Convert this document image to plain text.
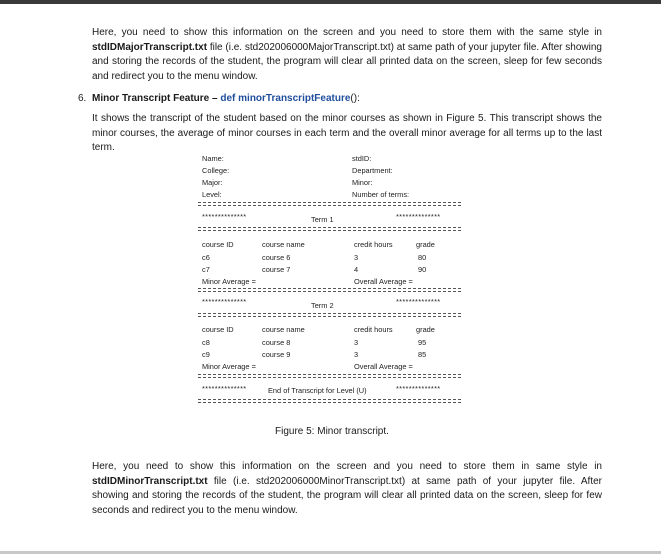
Here, you need to show this information on the screen and you need to store them with the same style in stdIDMajorTranscript.txt file (i.e. std202006000MajorTranscript.txt) at same path of your jupyter file. After showing and storing the records of the student, the program will clear all printed data on the screen, sleep for few seconds and redirect you to the menu window.
6. Minor Transcript Feature – def minorTranscriptFeature():
It shows the transcript of the student based on the minor courses as shown in Figure 5. This transcript shows the minor courses, the average of minor courses in each term and the overall minor average for all terms up to the last term.
Name:	stdID:
College:	Department:
Major:	Minor:
Level:	Number of terms:
**************	Term 1	**************
course ID	course name	credit hours	grade
c6	course 6	3	80
c7	course 7	4	90
Minor Average =	Overall Average =
**************	Term 2	**************
course ID	course name	credit hours	grade
c8	course 8	3	95
c9	course 9	3	85
Minor Average =	Overall Average =
**************	End of Transcript for Level (U)	**************
Figure 5: Minor transcript.
Here, you need to show this information on the screen and you need to store them in same style in stdIDMinorTranscript.txt file (i.e. std202006000MinorTranscript.txt) at same path of your jupyter file. After showing and storing the records of the student, the program will clear all printed data on the screen, sleep for few seconds and redirect you to the menu window.
